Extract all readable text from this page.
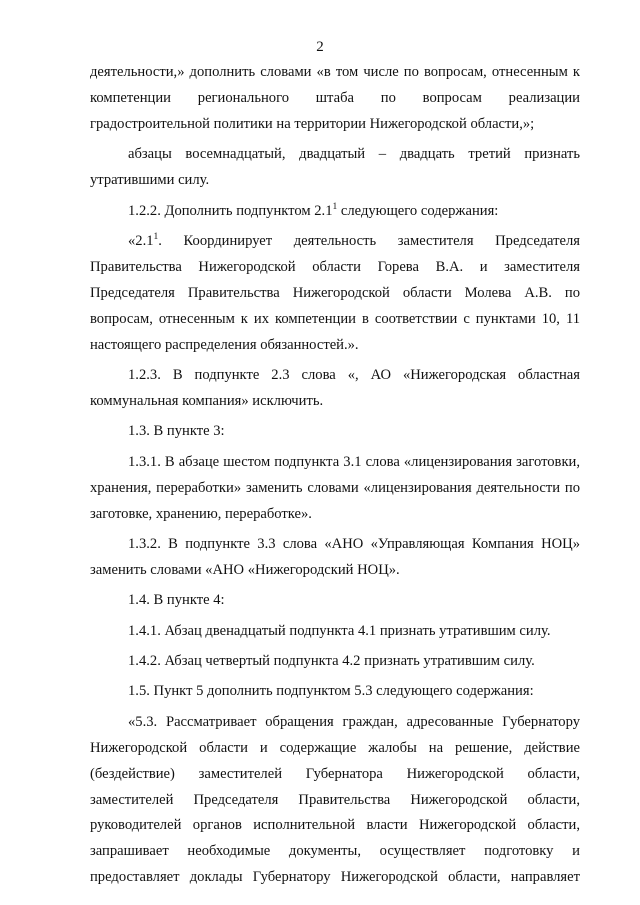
2

деятельности,» дополнить словами «в том числе по вопросам, отнесенным к компетенции регионального штаба по вопросам реализации градостроительной политики на территории Нижегородской области,»;

абзацы восемнадцатый, двадцатый – двадцать третий признать утратившими силу.

1.2.2. Дополнить подпунктом $2.1^1$ следующего содержания:

«$2.1^1$. Координирует деятельность заместителя Председателя Правительства Нижегородской области Горева В.А. и заместителя Председателя Правительства Нижегородской области Молева А.В. по вопросам, отнесенным к их компетенции в соответствии с пунктами 10, 11 настоящего распределения обязанностей.».

1.2.3. В подпункте 2.3 слова «, АО «Нижегородская областная коммунальная компания» исключить.

1.3. В пункте 3:

1.3.1. В абзаце шестом подпункта 3.1 слова «лицензирования заготовки, хранения, переработки» заменить словами «лицензирования деятельности по заготовке, хранению, переработке».

1.3.2. В подпункте 3.3 слова «АНО «Управляющая Компания НОЦ» заменить словами «АНО «Нижегородский НОЦ».

1.4. В пункте 4:

1.4.1. Абзац двенадцатый подпункта 4.1 признать утратившим силу.

1.4.2. Абзац четвертый подпункта 4.2 признать утратившим силу.

1.5. Пункт 5 дополнить подпунктом 5.3 следующего содержания:

«5.3. Рассматривает обращения граждан, адресованные Губернатору Нижегородской области и содержащие жалобы на решение, действие (бездействие) заместителей Губернатора Нижегородской области, заместителей Председателя Правительства Нижегородской области, руководителей органов исполнительной власти Нижегородской области, запрашивает необходимые документы, осуществляет подготовку и предоставляет доклады Губернатору Нижегородской области, направляет
